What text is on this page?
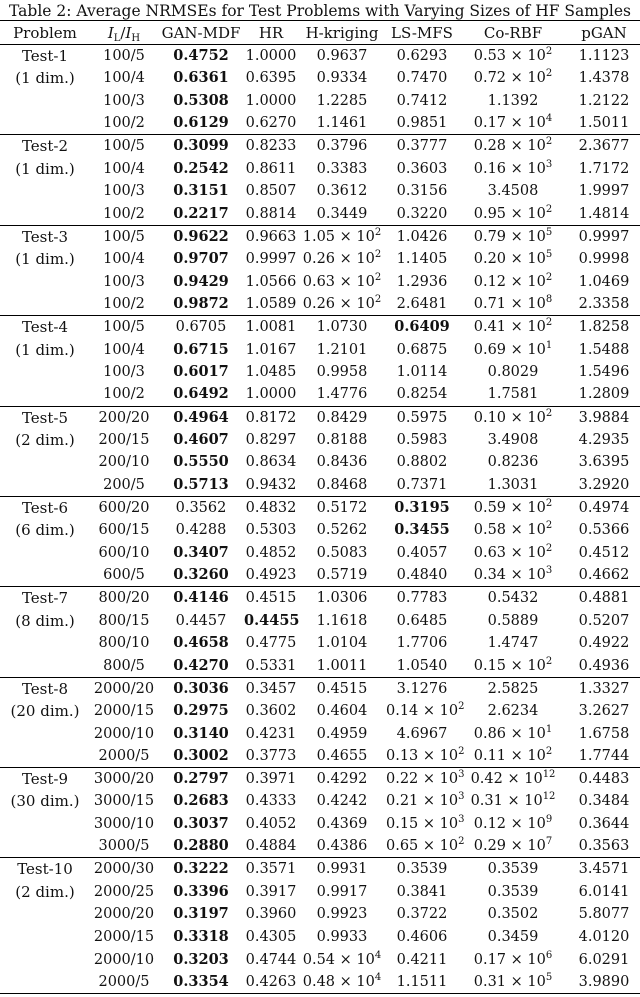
Table 2: Average NRMSEs for Test Problems with Varying Sizes of HF Samples
Problem	$I_L/I_H$	GAN-MDF	HR	H-kriging	LS-MFS	Co-RBF	pGAN
Test-1	100/5	0.4752	1.0000	0.9637	0.6293	$0.53 \times 10^2$	1.1123
(1 dim.)	100/4	0.6361	0.6395	0.9334	0.7470	$0.72 \times 10^2$	1.4378
	100/3	0.5308	1.0000	1.2285	0.7412	1.1392	1.2122
	100/2	0.6129	0.6270	1.1461	0.9851	$0.17 \times 10^4$	1.5011
Test-2	100/5	0.3099	0.8233	0.3796	0.3777	$0.28 \times 10^2$	2.3677
(1 dim.)	100/4	0.2542	0.8611	0.3383	0.3603	$0.16 \times 10^3$	1.7172
	100/3	0.3151	0.8507	0.3612	0.3156	3.4508	1.9997
	100/2	0.2217	0.8814	0.3449	0.3220	$0.95 \times 10^2$	1.4814
Test-3	100/5	0.9622	0.9663	$1.05 \times 10^2$	1.0426	$0.79 \times 10^5$	0.9997
(1 dim.)	100/4	0.9707	0.9997	$0.26 \times 10^2$	1.1405	$0.20 \times 10^5$	0.9998
	100/3	0.9429	1.0566	$0.63 \times 10^2$	1.2936	$0.12 \times 10^2$	1.0469
	100/2	0.9872	1.0589	$0.26 \times 10^2$	2.6481	$0.71 \times 10^8$	2.3358
Test-4	100/5	0.6705	1.0081	1.0730	0.6409	$0.41 \times 10^2$	1.8258
(1 dim.)	100/4	0.6715	1.0167	1.2101	0.6875	$0.69 \times 10^1$	1.5488
	100/3	0.6017	1.0485	0.9958	1.0114	0.8029	1.5496
	100/2	0.6492	1.0000	1.4776	0.8254	1.7581	1.2809
Test-5	200/20	0.4964	0.8172	0.8429	0.5975	$0.10 \times 10^2$	3.9884
(2 dim.)	200/15	0.4607	0.8297	0.8188	0.5983	3.4908	4.2935
	200/10	0.5550	0.8634	0.8436	0.8802	0.8236	3.6395
	200/5	0.5713	0.9432	0.8468	0.7371	1.3031	3.2920
Test-6	600/20	0.3562	0.4832	0.5172	0.3195	$0.59 \times 10^2$	0.4974
(6 dim.)	600/15	0.4288	0.5303	0.5262	0.3455	$0.58 \times 10^2$	0.5366
	600/10	0.3407	0.4852	0.5083	0.4057	$0.63 \times 10^2$	0.4512
	600/5	0.3260	0.4923	0.5719	0.4840	$0.34 \times 10^3$	0.4662
Test-7	800/20	0.4146	0.4515	1.0306	0.7783	0.5432	0.4881
(8 dim.)	800/15	0.4457	0.4455	1.1618	0.6485	0.5889	0.5207
	800/10	0.4658	0.4775	1.0104	1.7706	1.4747	0.4922
	800/5	0.4270	0.5331	1.0011	1.0540	$0.15 \times 10^2$	0.4936
Test-8	2000/20	0.3036	0.3457	0.4515	3.1276	2.5825	1.3327
(20 dim.)	2000/15	0.2975	0.3602	0.4604	$0.14 \times 10^2$	2.6234	3.2627
	2000/10	0.3140	0.4231	0.4959	4.6967	$0.86 \times 10^1$	1.6758
	2000/5	0.3002	0.3773	0.4655	$0.13 \times 10^2$	$0.11 \times 10^2$	1.7744
Test-9	3000/20	0.2797	0.3971	0.4292	$0.22 \times 10^3$	$0.42 \times 10^{12}$	0.4483
(30 dim.)	3000/15	0.2683	0.4333	0.4242	$0.21 \times 10^3$	$0.31 \times 10^{12}$	0.3484
	3000/10	0.3037	0.4052	0.4369	$0.15 \times 10^3$	$0.12 \times 10^9$	0.3644
	3000/5	0.2880	0.4884	0.4386	$0.65 \times 10^2$	$0.29 \times 10^7$	0.3563
Test-10	2000/30	0.3222	0.3571	0.9931	0.3539	0.3539	3.4571
(2 dim.)	2000/25	0.3396	0.3917	0.9917	0.3841	0.3539	6.0141
	2000/20	0.3197	0.3960	0.9923	0.3722	0.3502	5.8077
	2000/15	0.3318	0.4305	0.9933	0.4606	0.3459	4.0120
	2000/10	0.3203	0.4744	$0.54 \times 10^4$	0.4211	$0.17 \times 10^6$	6.0291
	2000/5	0.3354	0.4263	$0.48 \times 10^4$	1.1511	$0.31 \times 10^5$	3.9890
